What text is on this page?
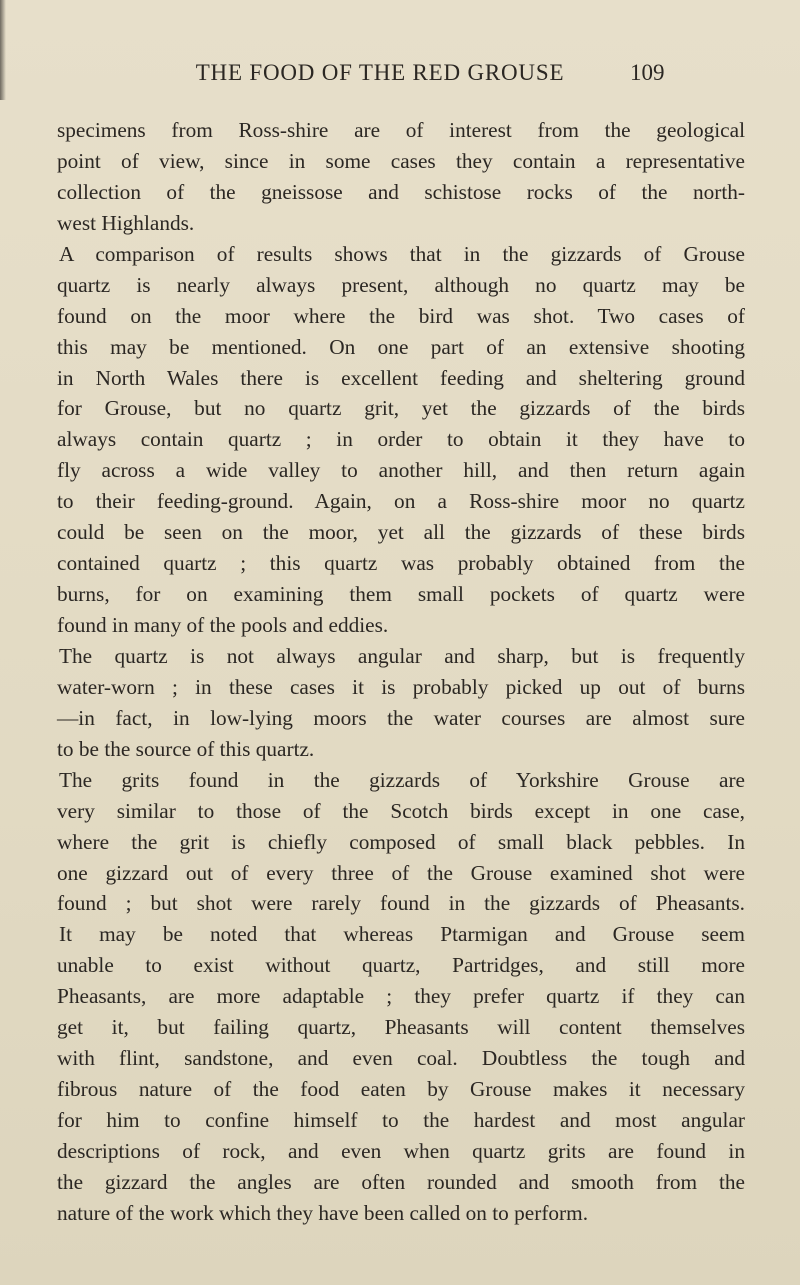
THE FOOD OF THE RED GROUSE	109
specimens from Ross-shire are of interest from the geological
point of view, since in some cases they contain a representative
collection of the gneissose and schistose rocks of the north-
west Highlands.
A comparison of results shows that in the gizzards of Grouse
quartz is nearly always present, although no quartz may be
found on the moor where the bird was shot. Two cases of
this may be mentioned. On one part of an extensive shooting
in North Wales there is excellent feeding and sheltering ground
for Grouse, but no quartz grit, yet the gizzards of the birds
always contain quartz ; in order to obtain it they have to
fly across a wide valley to another hill, and then return again
to their feeding-ground. Again, on a Ross-shire moor no quartz
could be seen on the moor, yet all the gizzards of these birds
contained quartz ; this quartz was probably obtained from the
burns, for on examining them small pockets of quartz were
found in many of the pools and eddies.
The quartz is not always angular and sharp, but is frequently
water-worn ; in these cases it is probably picked up out of burns
—in fact, in low-lying moors the water courses are almost sure
to be the source of this quartz.
The grits found in the gizzards of Yorkshire Grouse are
very similar to those of the Scotch birds except in one case,
where the grit is chiefly composed of small black pebbles. In
one gizzard out of every three of the Grouse examined shot were
found ; but shot were rarely found in the gizzards of Pheasants.
It may be noted that whereas Ptarmigan and Grouse seem
unable to exist without quartz, Partridges, and still more
Pheasants, are more adaptable ; they prefer quartz if they can
get it, but failing quartz, Pheasants will content themselves
with flint, sandstone, and even coal. Doubtless the tough and
fibrous nature of the food eaten by Grouse makes it necessary
for him to confine himself to the hardest and most angular
descriptions of rock, and even when quartz grits are found in
the gizzard the angles are often rounded and smooth from the
nature of the work which they have been called on to perform.
